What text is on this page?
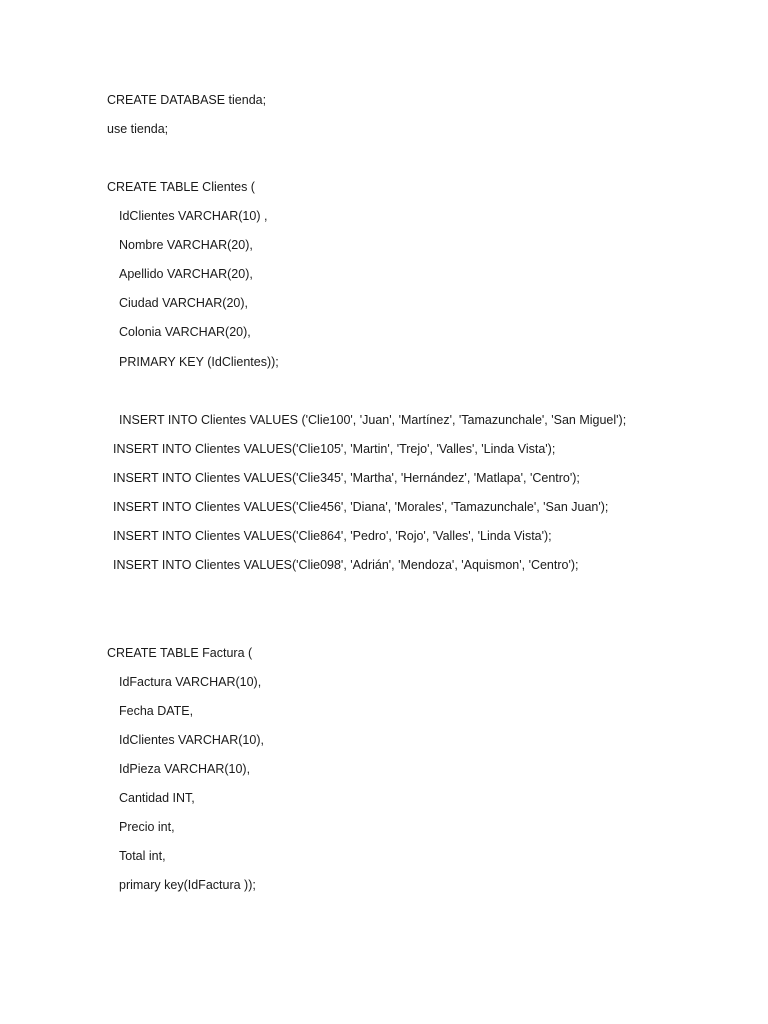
CREATE DATABASE tienda;
use tienda;
CREATE TABLE Clientes (
IdClientes VARCHAR(10) ,
Nombre VARCHAR(20),
Apellido VARCHAR(20),
Ciudad VARCHAR(20),
Colonia VARCHAR(20),
PRIMARY KEY (IdClientes));
INSERT INTO Clientes VALUES ('Clie100', 'Juan', 'Martínez', 'Tamazunchale', 'San Miguel');
INSERT INTO Clientes VALUES('Clie105', 'Martin', 'Trejo', 'Valles', 'Linda Vista');
INSERT INTO Clientes VALUES('Clie345', 'Martha', 'Hernández', 'Matlapa', 'Centro');
INSERT INTO Clientes VALUES('Clie456', 'Diana', 'Morales', 'Tamazunchale', 'San Juan');
INSERT INTO Clientes VALUES('Clie864', 'Pedro', 'Rojo', 'Valles', 'Linda Vista');
INSERT INTO Clientes VALUES('Clie098', 'Adrián', 'Mendoza', 'Aquismon', 'Centro');
CREATE TABLE Factura (
IdFactura VARCHAR(10),
Fecha DATE,
IdClientes VARCHAR(10),
IdPieza VARCHAR(10),
Cantidad INT,
Precio int,
Total int,
primary key(IdFactura ));
